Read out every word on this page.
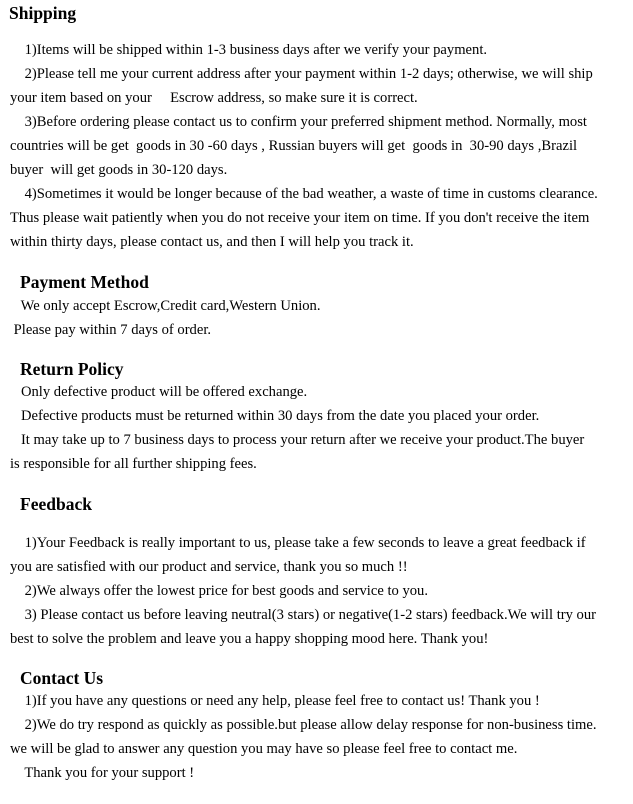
Shipping
1)Items will be shipped within 1-3 business days after we verify your payment.
2)Please tell me your current address after your payment within 1-2 days; otherwise, we will ship
your item based on your     Escrow address, so make sure it is correct.
3)Before ordering please contact us to confirm your preferred shipment method. Normally, most
countries will be get  goods in 30 -60 days , Russian buyers will get  goods in  30-90 days ,Brazil
buyer  will get goods in 30-120 days.
4)Sometimes it would be longer because of the bad weather, a waste of time in customs clearance.
Thus please wait patiently when you do not receive your item on time. If you don't receive the item
within thirty days, please contact us, and then I will help you track it.
Payment Method
We only accept Escrow,Credit card,Western Union.
Please pay within 7 days of order.
Return Policy
Only defective product will be offered exchange.
Defective products must be returned within 30 days from the date you placed your order.
It may take up to 7 business days to process your return after we receive your product.The buyer
is responsible for all further shipping fees.
Feedback
1)Your Feedback is really important to us, please take a few seconds to leave a great feedback if
you are satisfied with our product and service, thank you so much !!
2)We always offer the lowest price for best goods and service to you.
3) Please contact us before leaving neutral(3 stars) or negative(1-2 stars) feedback.We will try our
best to solve the problem and leave you a happy shopping mood here. Thank you!
Contact Us
1)If you have any questions or need any help, please feel free to contact us! Thank you !
2)We do try respond as quickly as possible.but please allow delay response for non-business time.
we will be glad to answer any question you may have so please feel free to contact me.
Thank you for your support !
